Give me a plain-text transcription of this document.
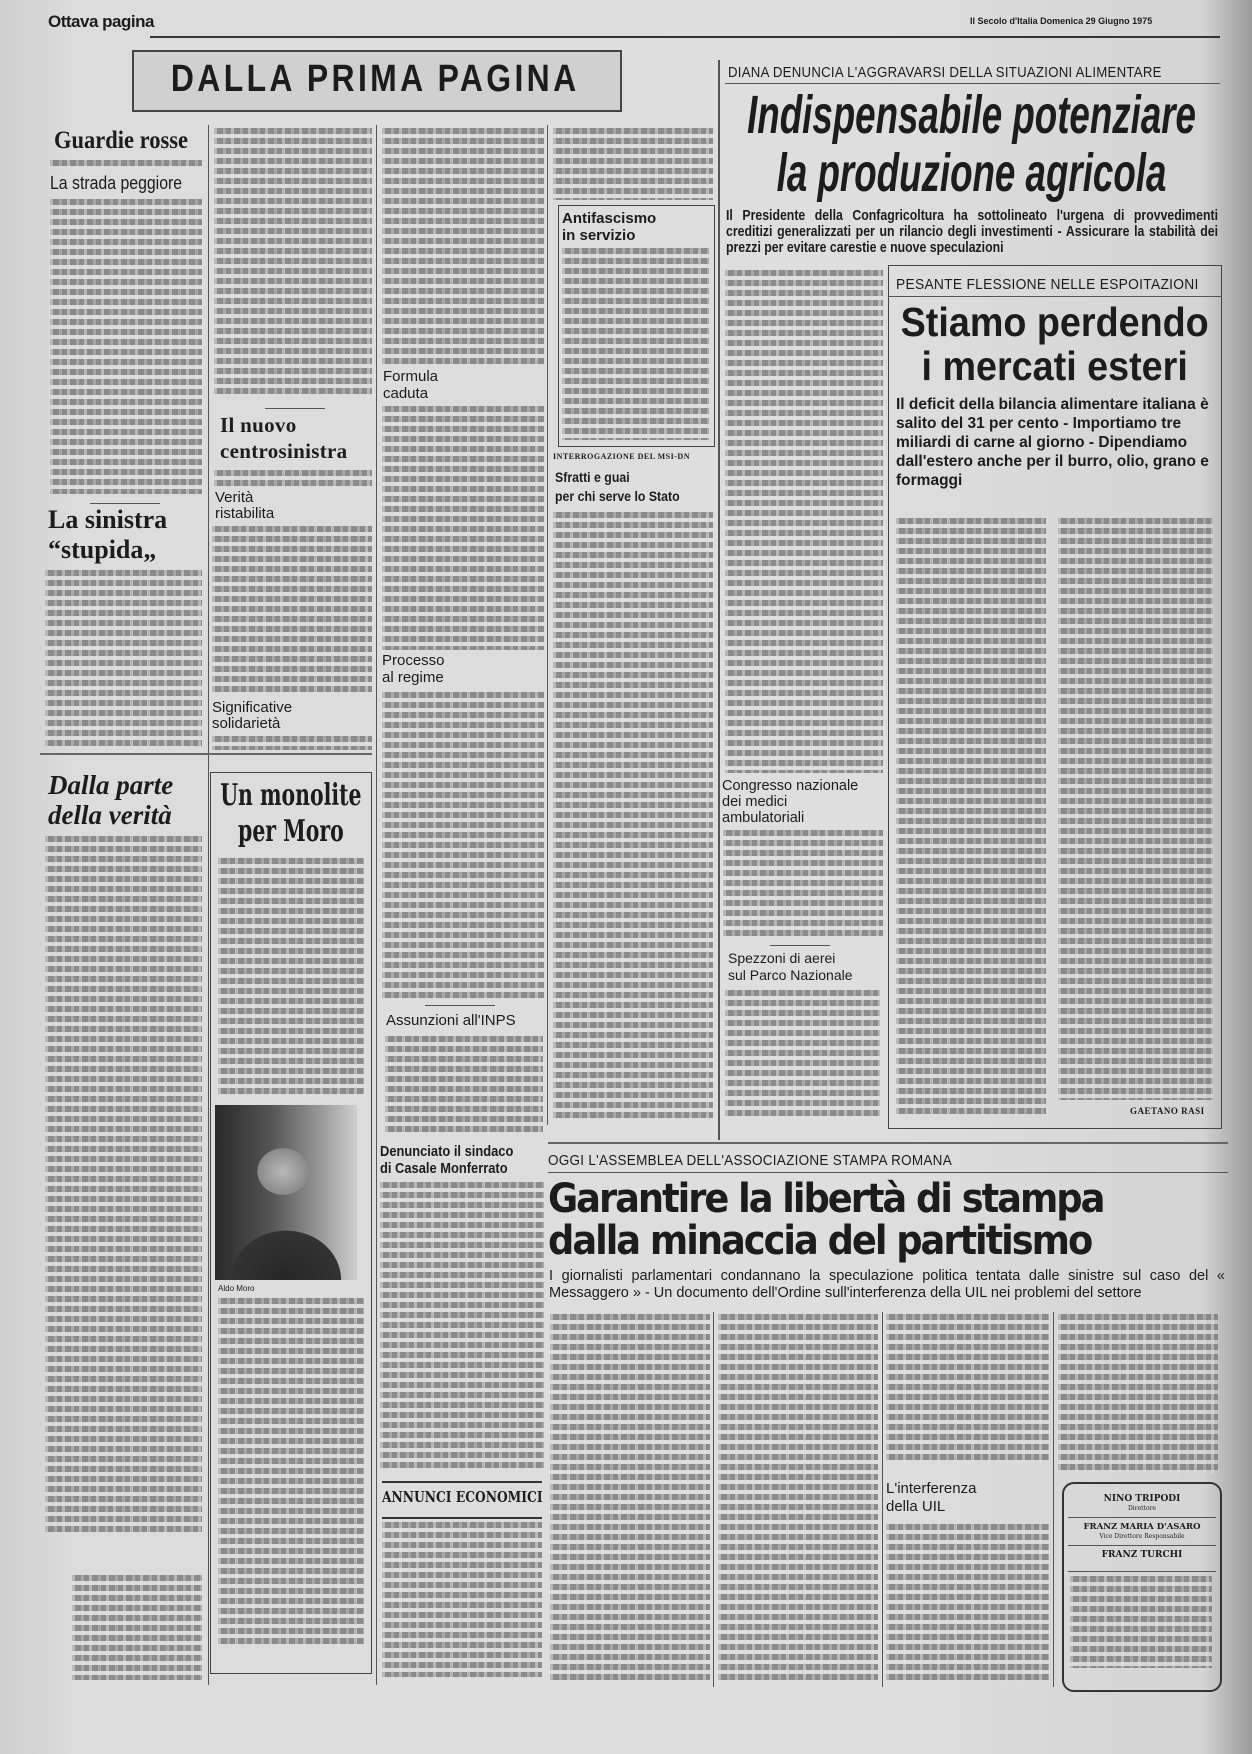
Ottava pagina	Il Secolo d'Italia Domenica 29 Giugno 1975
DALLA PRIMA PAGINA
Guardie rosse
La strada peggiore
La sinistra
“stupida„
Dalla parte
della verità
Il nuovo
centrosinistra
Verità
ristabilita
Significative
solidarietà
Un monolite
per Moro
Aldo Moro
Formula
caduta
Processo
al regime
Assunzioni all'INPS
Denunciato il sindaco
di Casale Monferrato
ANNUNCI ECONOMICI
Antifascismo
in servizio
INTERROGAZIONE DEL MSI-DN
Sfratti e guai
per chi serve lo Stato
DIANA DENUNCIA L'AGGRAVARSI DELLA SITUAZIONI ALIMENTARE
Indispensabile potenziare
la produzione agricola
Il Presidente della Confagricoltura ha sottolineato l'urgena di provvedimenti creditizi generalizzati per un rilancio degli investimenti - Assicurare la stabilità dei prezzi per evitare carestie e nuove speculazioni
Congresso nazionale
dei medici
ambulatoriali
Spezzoni di aerei
sul Parco Nazionale
PESANTE FLESSIONE NELLE ESPOITAZIONI
Stiamo perdendo
i mercati esteri
Il deficit della bilancia alimentare italiana è salito del 31 per cento - Importiamo tre miliardi di carne al giorno - Dipendiamo dall'estero anche per il burro, olio, grano e formaggi
GAETANO RASI
OGGI L'ASSEMBLEA DELL'ASSOCIAZIONE STAMPA ROMANA
Garantire la libertà di stampa
dalla minaccia del partitismo
I giornalisti parlamentari condannano la speculazione politica tentata dalle sinistre sul caso del « Messaggero » - Un documento dell'Ordine sull'interferenza della UIL nei problemi del settore
L'interferenza
della UIL	NINO TRIPODI
Direttore
FRANZ MARIA D'ASARO
Vice Direttore Responsabile
FRANZ TURCHI
